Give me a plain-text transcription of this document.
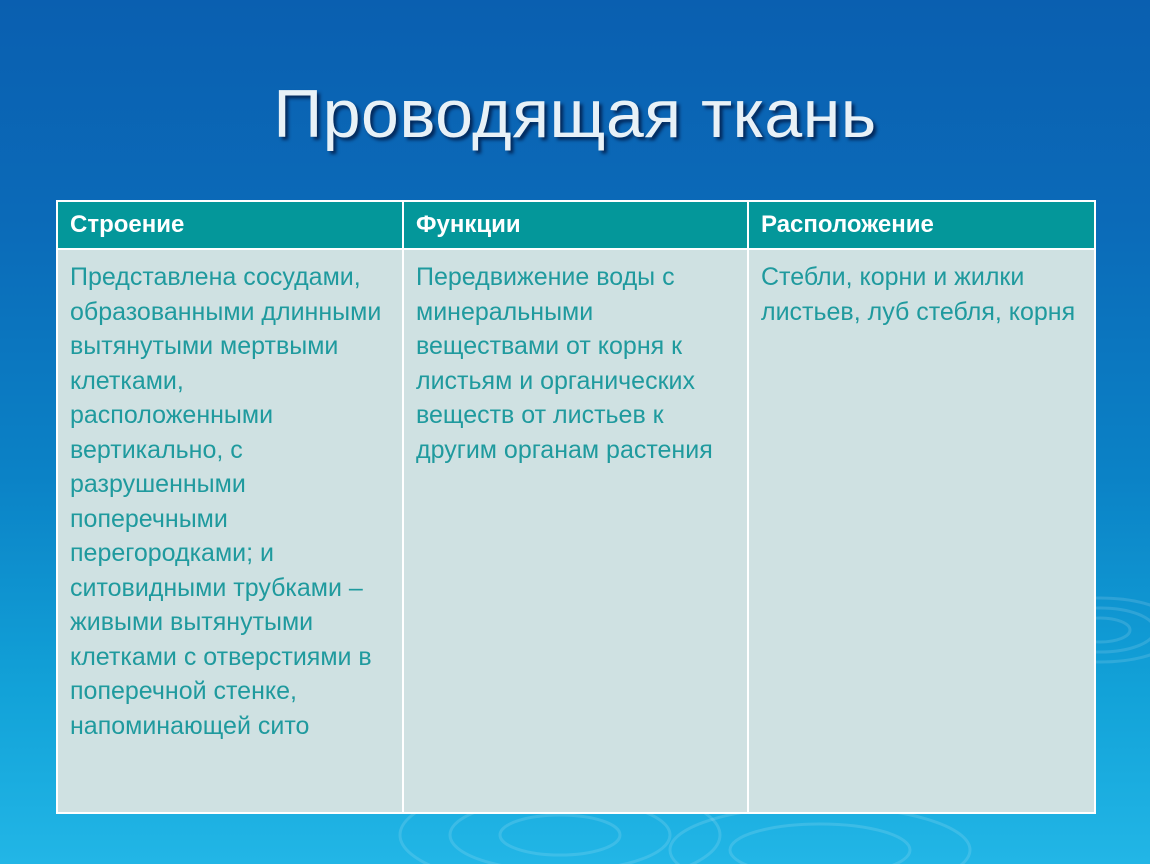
Проводящая ткань
Строение	Функции	Расположение
Представлена сосудами, образованными длинными вытянутыми мертвыми клетками, расположенными вертикально, с разрушенными поперечными перегородками; и ситовидными трубками – живыми вытянутыми клетками с отверстиями в поперечной стенке, напоминающей сито	Передвижение воды с минеральными веществами от корня к листьям и органических веществ от листьев к другим органам растения	Стебли, корни и жилки листьев, луб стебля, корня
